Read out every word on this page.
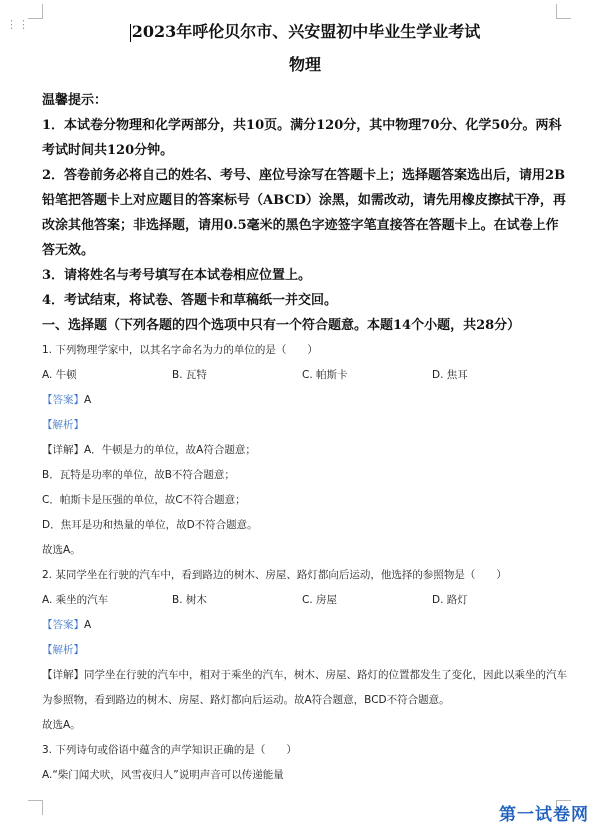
⋮⋮	2023年呼伦贝尔市、兴安盟初中毕业生学业考试

物理

温馨提示：

1．本试卷分物理和化学两部分，共10页。满分120分，其中物理70分、化学50分。两科考试时间共120分钟。

2．答卷前务必将自己的姓名、考号、座位号涂写在答题卡上；选择题答案选出后，请用2B铅笔把答题卡上对应题目的答案标号（ABCD）涂黑，如需改动，请先用橡皮擦拭干净，再改涂其他答案；非选择题，请用0.5毫米的黑色字迹签字笔直接答在答题卡上。在试卷上作答无效。

3．请将姓名与考号填写在本试卷相应位置上。

4．考试结束，将试卷、答题卡和草稿纸一并交回。

一、选择题（下列各题的四个选项中只有一个符合题意。本题14个小题，共28分）

1. 下列物理学家中，以其名字命名为力的单位的是（　　）

A. 牛顿	B. 瓦特	C. 帕斯卡	D. 焦耳

【答案】A

【解析】

【详解】A．牛顿是力的单位，故A符合题意；

B．瓦特是功率的单位，故B不符合题意；

C．帕斯卡是压强的单位，故C不符合题意；

D．焦耳是功和热量的单位，故D不符合题意。

故选A。

2. 某同学坐在行驶的汽车中，看到路边的树木、房屋、路灯都向后运动，他选择的参照物是（　　）

A. 乘坐的汽车	B. 树木	C. 房屋	D. 路灯

【答案】A

【解析】

【详解】同学坐在行驶的汽车中，相对于乘坐的汽车，树木、房屋、路灯的位置都发生了变化，因此以乘坐的汽车为参照物，看到路边的树木、房屋、路灯都向后运动。故A符合题意，BCD不符合题意。

故选A。

3. 下列诗句或俗语中蕴含的声学知识正确的是（　　）

A.“柴门闻犬吠，风雪夜归人”说明声音可以传递能量

第一试卷网
